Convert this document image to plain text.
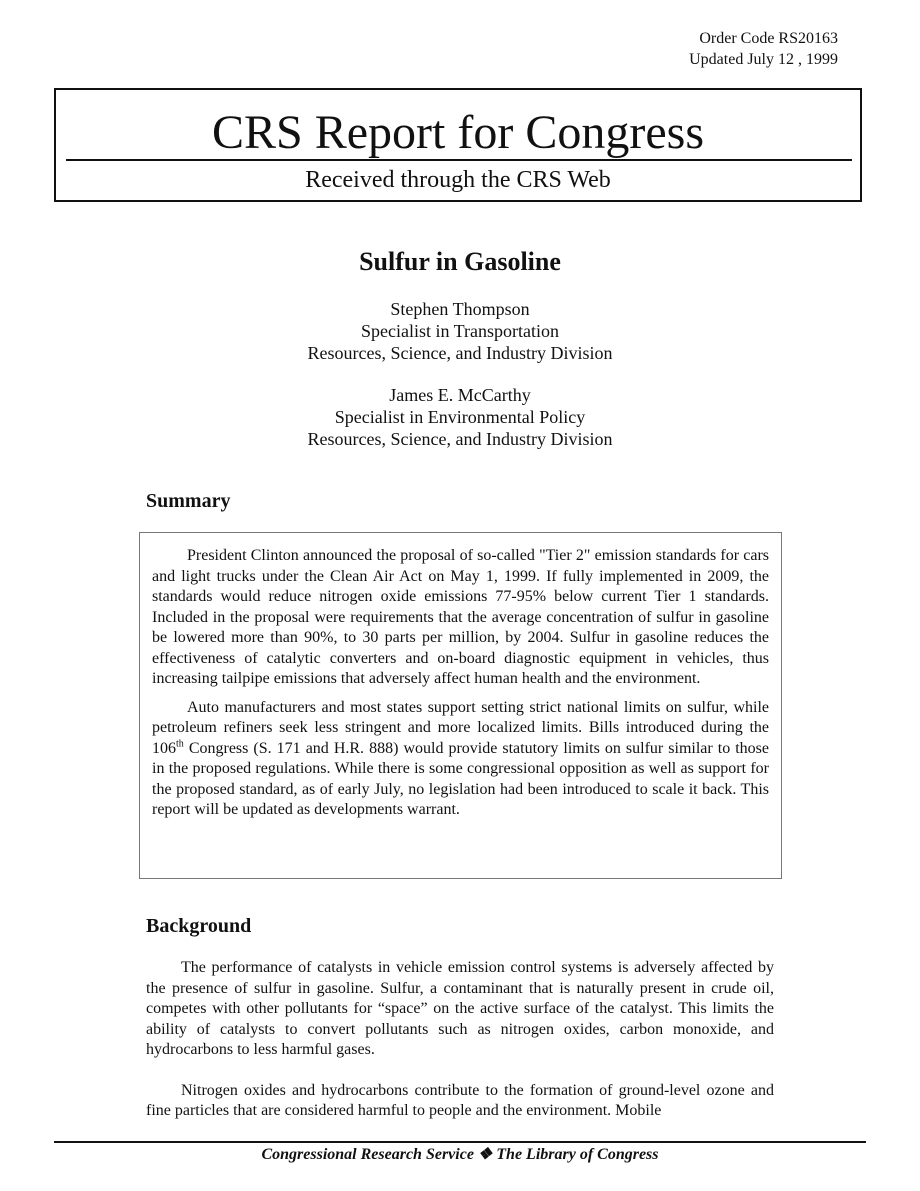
Order Code RS20163
Updated July 12 , 1999
CRS Report for Congress
Received through the CRS Web
Sulfur in Gasoline
Stephen Thompson
Specialist in Transportation
Resources, Science, and Industry Division
James E. McCarthy
Specialist in Environmental Policy
Resources, Science, and Industry Division
Summary

President Clinton announced the proposal of so-called "Tier 2" emission standards for cars and light trucks under the Clean Air Act on May 1, 1999. If fully implemented in 2009, the standards would reduce nitrogen oxide emissions 77-95% below current Tier 1 standards. Included in the proposal were requirements that the average concentration of sulfur in gasoline be lowered more than 90%, to 30 parts per million, by 2004. Sulfur in gasoline reduces the effectiveness of catalytic converters and on-board diagnostic equipment in vehicles, thus increasing tailpipe emissions that adversely affect human health and the environment.

Auto manufacturers and most states support setting strict national limits on sulfur, while petroleum refiners seek less stringent and more localized limits. Bills introduced during the 106th Congress (S. 171 and H.R. 888) would provide statutory limits on sulfur similar to those in the proposed regulations. While there is some congressional opposition as well as support for the proposed standard, as of early July, no legislation had been introduced to scale it back. This report will be updated as developments warrant.

Background

The performance of catalysts in vehicle emission control systems is adversely affected by the presence of sulfur in gasoline. Sulfur, a contaminant that is naturally present in crude oil, competes with other pollutants for “space” on the active surface of the catalyst. This limits the ability of catalysts to convert pollutants such as nitrogen oxides, carbon monoxide, and hydrocarbons to less harmful gases.

Nitrogen oxides and hydrocarbons contribute to the formation of ground-level ozone and fine particles that are considered harmful to people and the environment. Mobile

Congressional Research Service ❖ The Library of Congress
